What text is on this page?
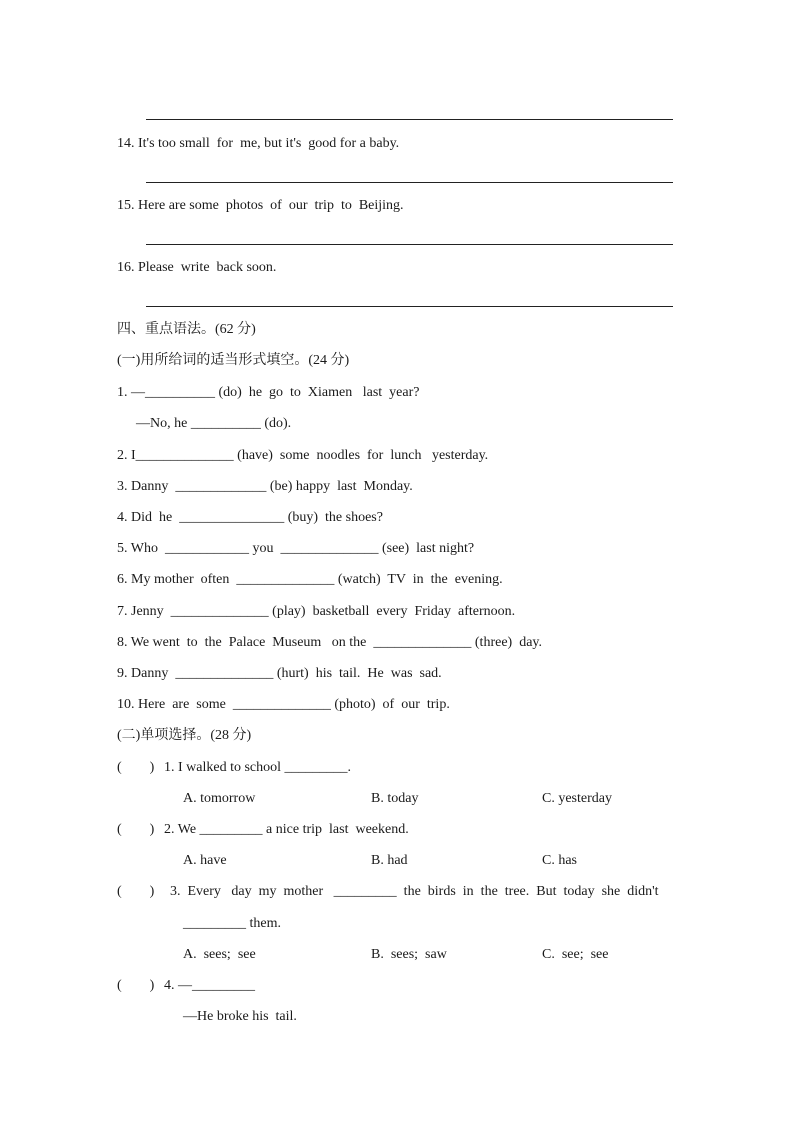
14. It's too small  for  me, but it's  good for a baby.
15. Here are some  photos  of  our  trip  to  Beijing.
16. Please  write  back soon.
四、重点语法。(62 分)
(一)用所给词的适当形式填空。(24 分)
1. —__________ (do)  he  go  to  Xiamen   last  year?
—No, he __________ (do).
2. I______________ (have)  some  noodles  for  lunch   yesterday.
3. Danny  _____________ (be) happy  last  Monday.
4. Did  he  _______________ (buy)  the shoes?
5. Who  ____________ you  ______________ (see)  last night?
6. My mother  often  ______________ (watch)  TV  in  the  evening.
7. Jenny  ______________ (play)  basketball  every  Friday  afternoon.
8. We went  to  the  Palace  Museum   on the  ______________ (three)  day.
9. Danny  ______________ (hurt)  his  tail.  He  was  sad.
10. Here  are  some  ______________ (photo)  of  our  trip.
(二)单项选择。(28 分)
(        ) 1. I walked to school _________.
A. tomorrow	B. today	C. yesterday
(        ) 2. We _________ a nice trip  last  weekend.
A. have	B. had	C. has
(        ) 3.  Every   day  my  mother   _________  the  birds  in  the  tree.  But  today  she  didn't
_________ them.
A.  sees;  see	B.  sees;  saw	C.  see;  see
(        ) 4. —_________
—He broke his  tail.
